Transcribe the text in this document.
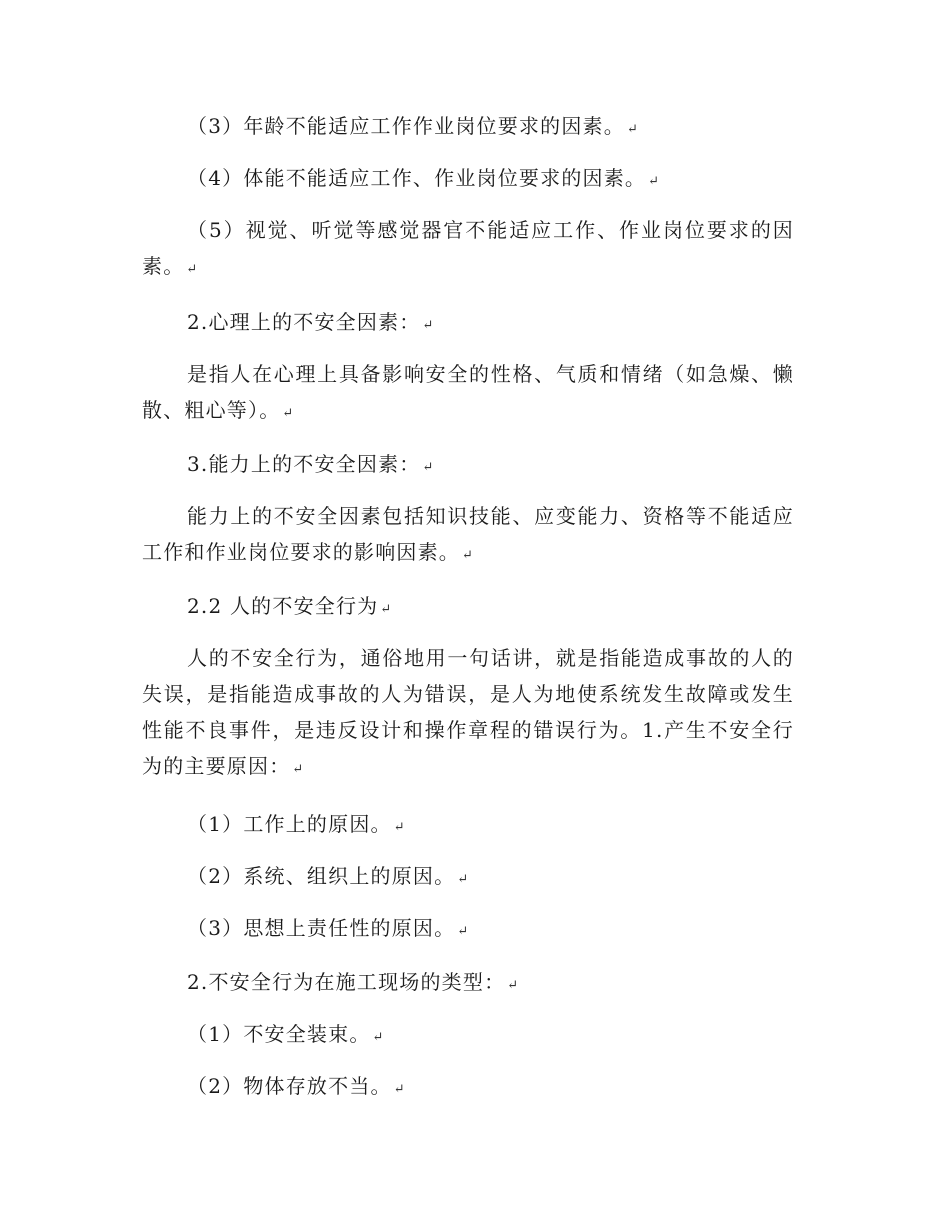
（3）年龄不能适应工作作业岗位要求的因素。 ↵

（4）体能不能适应工作、作业岗位要求的因素。 ↵

（5）视觉、听觉等感觉器官不能适应工作、作业岗位要求的因素。 ↵

2.心理上的不安全因素： ↵

是指人在心理上具备影响安全的性格、气质和情绪（如急燥、懒散、粗心等）。 ↵

3.能力上的不安全因素： ↵

能力上的不安全因素包括知识技能、应变能力、资格等不能适应工作和作业岗位要求的影响因素。 ↵

2.2 人的不安全行为 ↵

人的不安全行为，通俗地用一句话讲，就是指能造成事故的人的失误，是指能造成事故的人为错误，是人为地使系统发生故障或发生性能不良事件，是违反设计和操作章程的错误行为。1.产生不安全行为的主要原因： ↵

（1）工作上的原因。 ↵

（2）系统、组织上的原因。 ↵

（3）思想上责任性的原因。 ↵

2.不安全行为在施工现场的类型： ↵

（1）不安全装束。 ↵

（2）物体存放不当。 ↵
